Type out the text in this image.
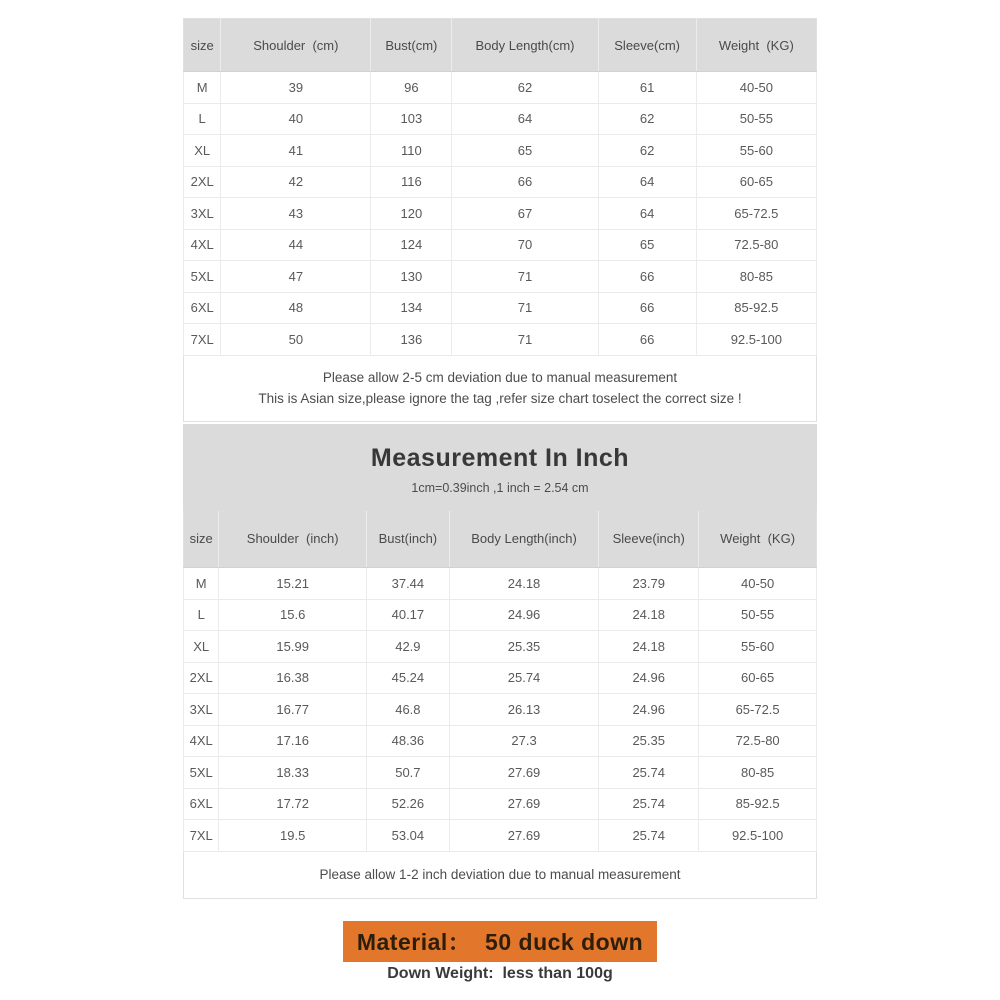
size	Shoulder  (cm)	Bust(cm)	Body Length(cm)	Sleeve(cm)	Weight  (KG)
M	39	96	62	61	40-50
L	40	103	64	62	50-55
XL	41	110	65	62	55-60
2XL	42	116	66	64	60-65
3XL	43	120	67	64	65-72.5
4XL	44	124	70	65	72.5-80
5XL	47	130	71	66	80-85
6XL	48	134	71	66	85-92.5
7XL	50	136	71	66	92.5-100
Please allow 2-5 cm deviation due to manual measurement
This is Asian size,please ignore the tag ,refer size chart toselect the correct size !
Measurement In Inch
1cm=0.39inch ,1 inch = 2.54 cm
size	Shoulder  (inch)	Bust(inch)	Body Length(inch)	Sleeve(inch)	Weight  (KG)
M	15.21	37.44	24.18	23.79	40-50
L	15.6	40.17	24.96	24.18	50-55
XL	15.99	42.9	25.35	24.18	55-60
2XL	16.38	45.24	25.74	24.96	60-65
3XL	16.77	46.8	26.13	24.96	65-72.5
4XL	17.16	48.36	27.3	25.35	72.5-80
5XL	18.33	50.7	27.69	25.74	80-85
6XL	17.72	52.26	27.69	25.74	85-92.5
7XL	19.5	53.04	27.69	25.74	92.5-100
Please allow 1-2 inch deviation due to manual measurement
Material：  50 duck down
Down Weight:  less than 100g
